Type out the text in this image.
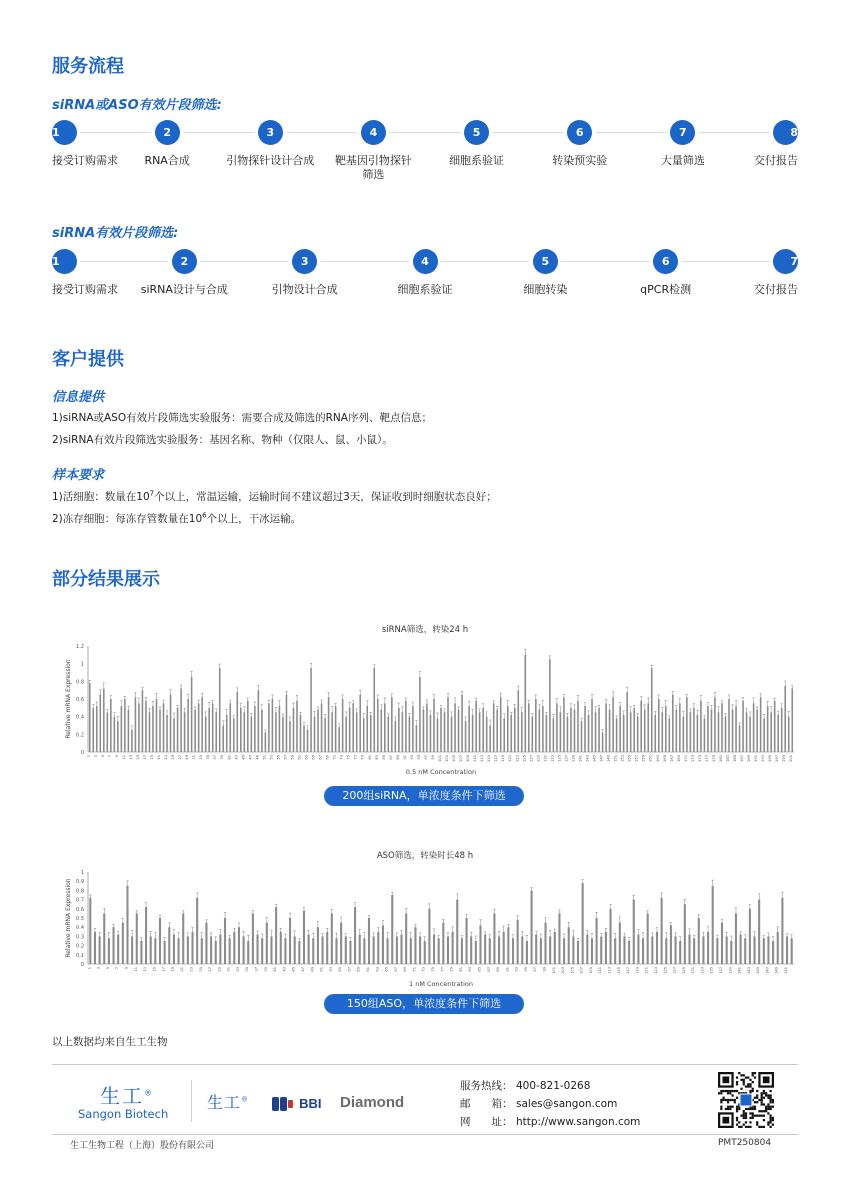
服务流程
siRNA或ASO有效片段筛选:
1
接受订购需求
2
RNA合成
3
引物探针设计合成
4
靶基因引物探针
筛选
5
细胞系验证
6
转染预实验
7
大量筛选
8
交付报告
siRNA有效片段筛选:
1
接受订购需求
2
siRNA设计与合成
3
引物设计合成
4
细胞系验证
5
细胞转染
6
qPCR检测
7
交付报告
客户提供
信息提供
1)siRNA或ASO有效片段筛选实验服务：需要合成及筛选的RNA序列、靶点信息；
2)siRNA有效片段筛选实验服务：基因名称、物种（仅限人、鼠、小鼠）。
样本要求
1)活细胞：数量在$10^7$个以上，常温运输，运输时间不建议超过3天，保证收到时细胞状态良好；
2)冻存细胞：每冻存管数量在$10^6$个以上，干冰运输。
部分结果展示
siRNA筛选，转染24 h
Relative mRNA Expression
0
0.2
0.4
0.6
0.8
1
1.2
1 3 5 7 9 11 13 15 17 19 21 23 25 27 29 31 33 35 37 39 41 43 45 47 49 51 53 55 57 59 61 63 65 67 69 71 73 75 77 79 81 83 85 87 89 91 93 95 97 99 101 103 105 107 109 111 113 115 117 119 121 123 125 127 129 131 133 135 137 139 141 143 145 147 149 151 153 155 157 159 161 163 165 167 169 171 173 175 177 179 181 183 185 187 189 191 193 195 197 199 201
0.5 nM Concentration
200组siRNA，单浓度条件下筛选
ASO筛选，转染时长48 h
Relative mRNA Expression
0
0.1
0.2
0.3
0.4
0.5
0.6
0.7
0.8
0.9
1
1 3 5 7 9 11 13 15 17 19 21 23 25 27 29 31 33 35 37 39 41 43 45 47 49 51 53 55 57 59 61 63 65 67 69 71 73 75 77 79 81 83 85 87 89 91 93 95 97 99 101 103 105 107 109 111 113 115 117 119 121 123 125 127 129 131 133 135 137 139 141 143 145 147 149 151
1 nM Concentration
150组ASO，单浓度条件下筛选
以上数据均来自生工生物
生工®
Sangon Biotech
生工®	BBI Diamond
服务热线： 400-821-0268
邮　　箱： sales@sangon.com
网　　址： http://www.sangon.com
生工生物工程（上海）股份有限公司	PMT250804
